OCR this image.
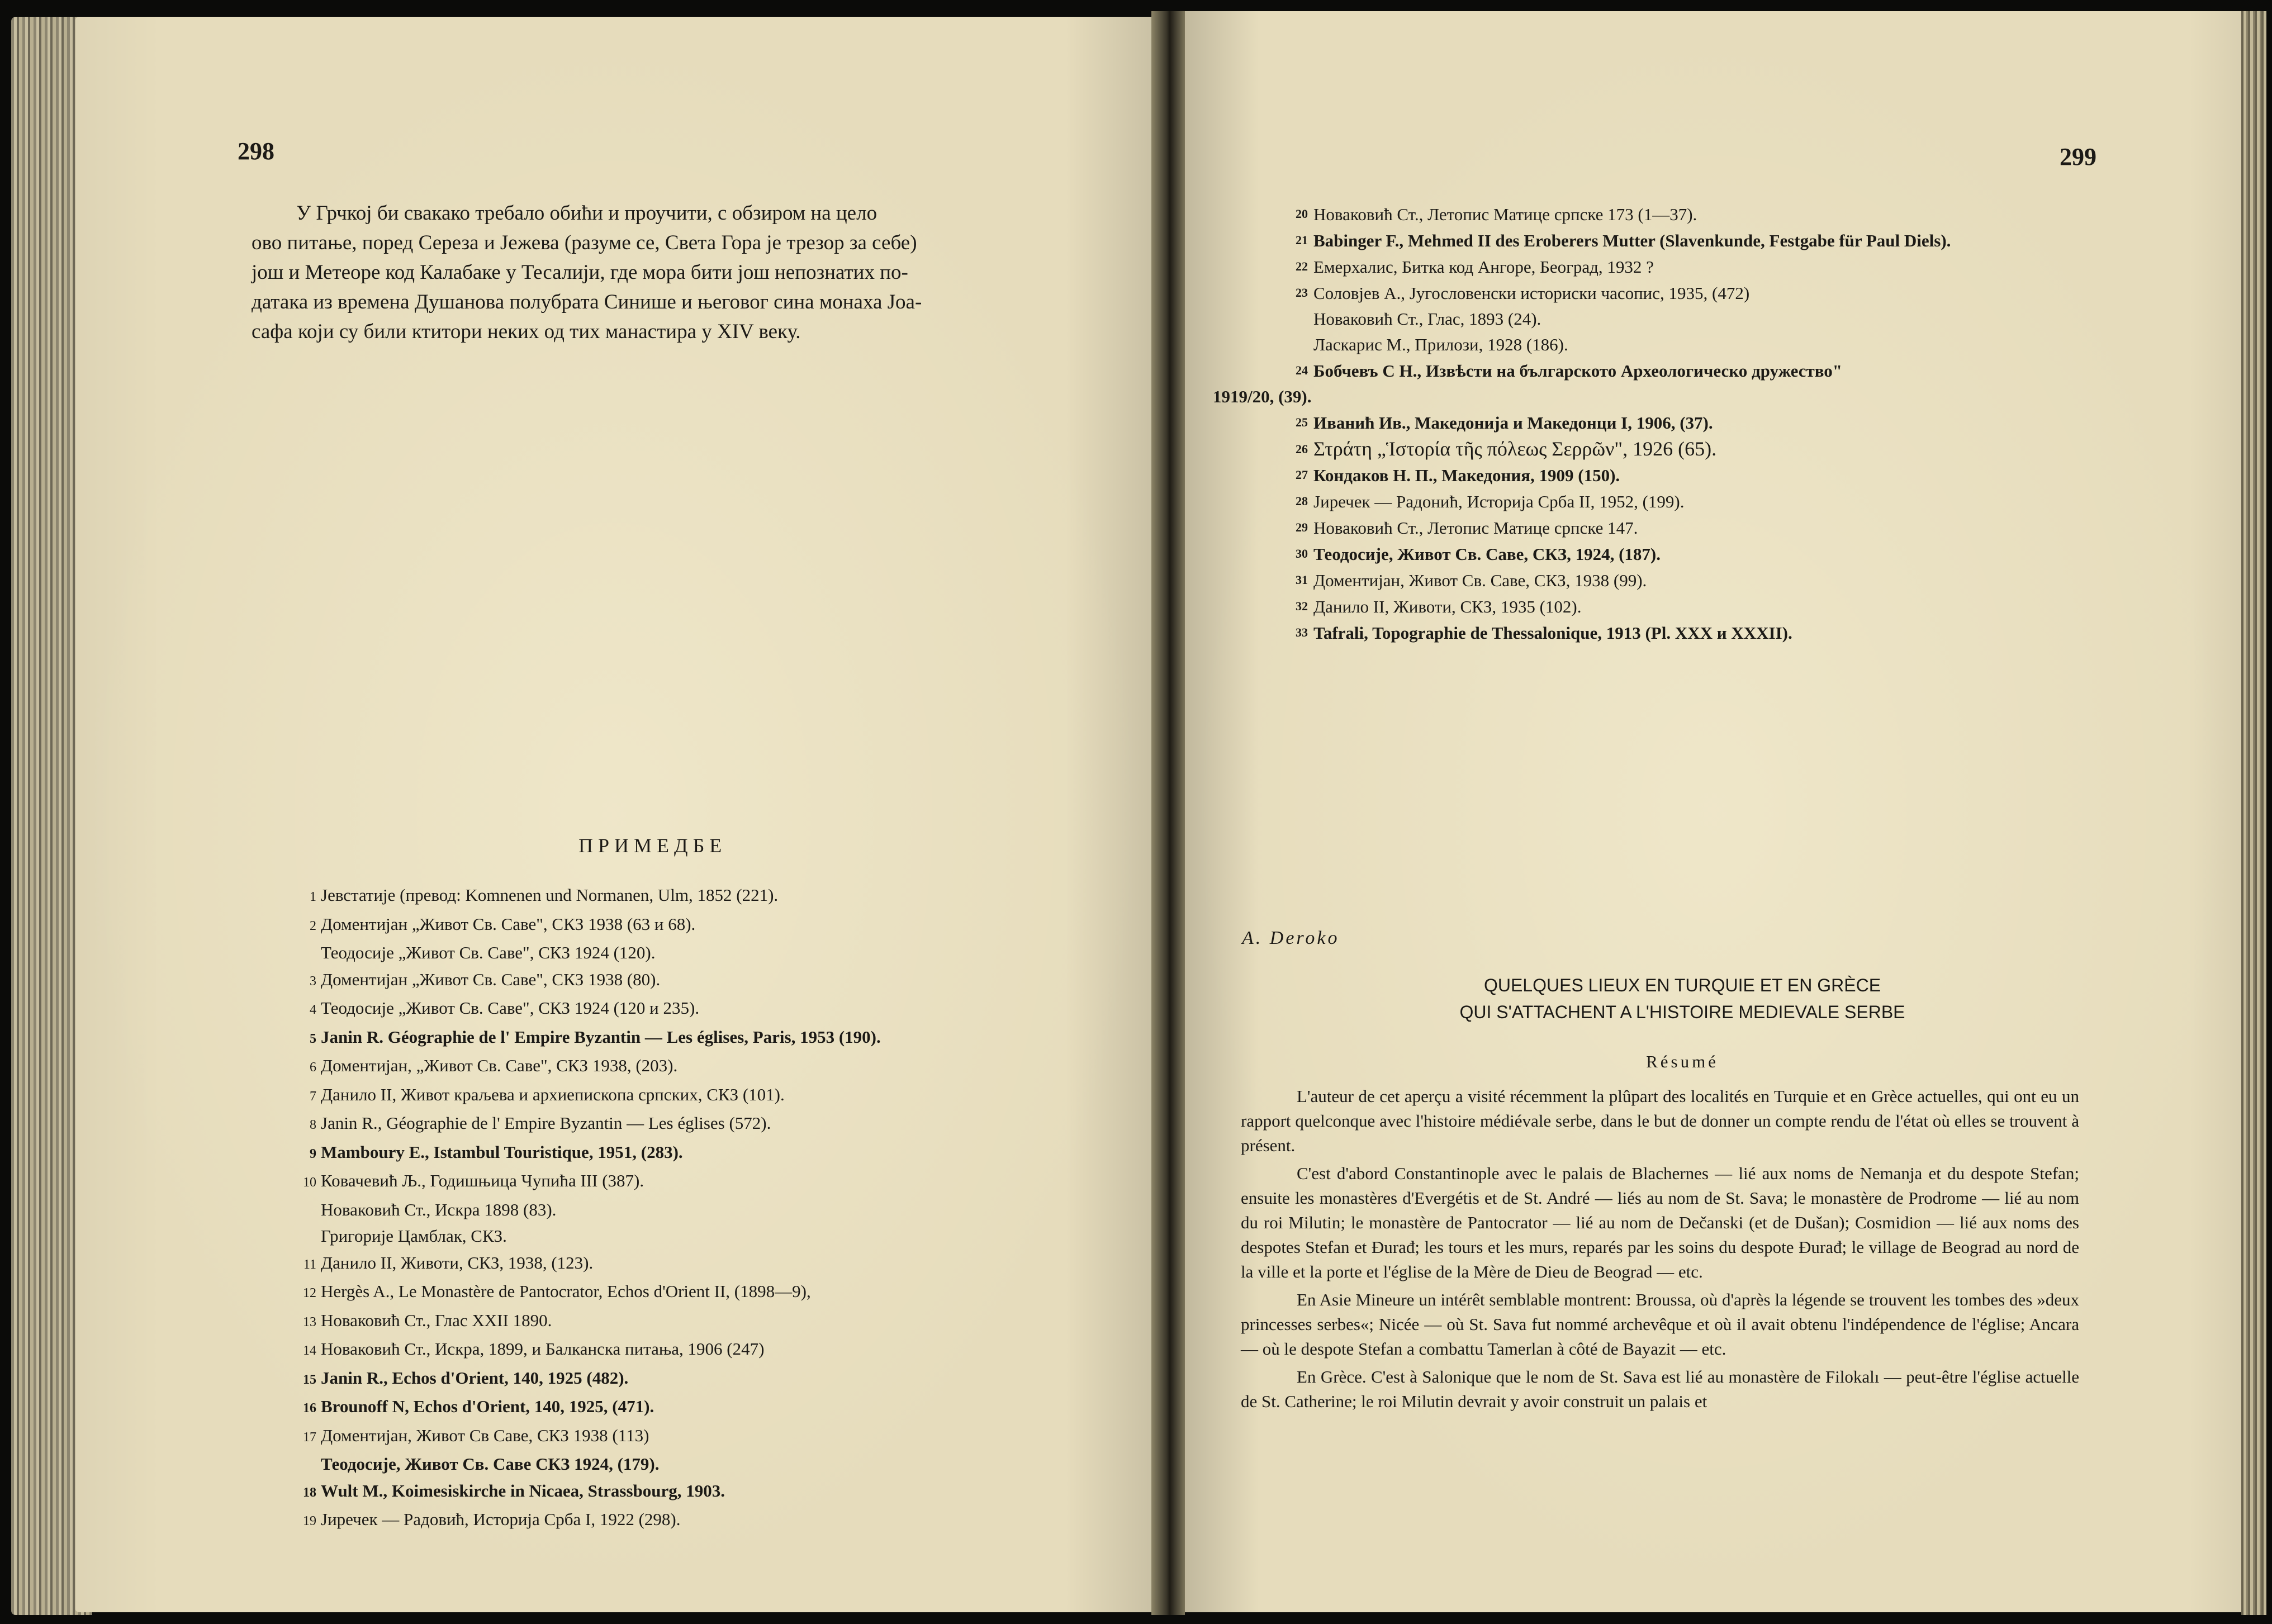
298
У Грчкој би свакако требало обићи и проучити, с обзиром на цело
ово питање, поред Сереза и Јежева (разуме се, Света Гора је трезор за себе)
још и Метеоре код Калабаке у Тесалији, где мора бити још непознатих по-
датака из времена Душанова полубрата Синише и његовог сина монаха Јоа-
сафа који су били ктитори неких од тих манастира у XIV веку.
ПРИМЕДБЕ
1 Јевстатије (превод: Komnenen und Normanen, Ulm, 1852 (221).
2 Доментијан „Живот Св. Саве", СКЗ 1938 (63 и 68).
Теодосије „Живот Св. Саве", СКЗ 1924 (120).
3 Доментијан „Живот Св. Саве", СКЗ 1938 (80).
4 Теодосије „Живот Св. Саве", СКЗ 1924 (120 и 235).
5 Janin R. Géographie de l' Empire Byzantin — Les églises, Paris, 1953 (190).
6 Доментијан, „Живот Св. Саве", СКЗ 1938, (203).
7 Данило II, Живот краљева и архиепископа српских, СКЗ (101).
8 Janin R., Géographie de l' Empire Byzantin — Les églises (572).
9 Mamboury E., Istambul Touristique, 1951, (283).
10 Ковачевић Љ., Годишњица Чупића III (387).
Новаковић Ст., Искра 1898 (83).
Григорије Цамблак, СКЗ.
11 Данило II, Животи, СКЗ, 1938, (123).
12 Hergès A., Le Monastère de Pantocrator, Echos d'Orient II, (1898—9),
13 Новаковић Ст., Глас XXII 1890.
14 Новаковић Ст., Искра, 1899, и Балканска питања, 1906 (247)
15 Janin R., Echos d'Orient, 140, 1925 (482).
16 Brounoff N, Echos d'Orient, 140, 1925, (471).
17 Доментијан, Живот Св Саве, СКЗ 1938 (113)
Теодосије, Живот Св. Саве СКЗ 1924, (179).
18 Wult M., Koimesiskirche in Nicaea, Strassbourg, 1903.
19 Јиречек — Радовић, Историја Срба I, 1922 (298).
299
20 Новаковић Ст., Летопис Матице српске 173 (1—37).
21 Babinger F., Mehmed II des Eroberers Mutter (Slavenkunde, Festgabe für Paul Diels).
22 Емерхалис, Битка код Ангоре, Београд, 1932 ?
23 Соловјев А., Југословенски историски часопис, 1935, (472)
Новаковић Ст., Глас, 1893 (24).
Ласкарис М., Прилози, 1928 (186).
24 Бобчевъ С Н., Извѣсти на българското Археологическо дружество"
1919/20, (39).
25 Иванић Ив., Македонија и Македонци I, 1906, (37).
26 Στράτη „Ἱστορία τῆς πόλεως Σερρῶν", 1926 (65).
27 Кондаков Н. П., Македония, 1909 (150).
28 Јиречек — Радонић, Историја Срба II, 1952, (199).
29 Новаковић Ст., Летопис Матице српске 147.
30 Теодосије, Живот Св. Саве, СКЗ, 1924, (187).
31 Доментијан, Живот Св. Саве, СКЗ, 1938 (99).
32 Данило II, Животи, СКЗ, 1935 (102).
33 Tafrali, Topographie de Thessalonique, 1913 (Pl. XXX и XXXII).
A. Deroko
QUELQUES LIEUX EN TURQUIE ET EN GRÈCE
QUI S'ATTACHENT A L'HISTOIRE MEDIEVALE SERBE
Résumé

L'auteur de cet aperçu a visité récemment la plûpart des localités en Turquie et en Grèce actuelles, qui ont eu un rapport quelconque avec l'histoire médiévale serbe, dans le but de donner un compte rendu de l'état où elles se trouvent à présent.

C'est d'abord Constantinople avec le palais de Blachernes — lié aux noms de Nemanja et du despote Stefan; ensuite les monastères d'Evergétis et de St. André — liés au nom de St. Sava; le monastère de Prodrome — lié au nom du roi Milutin; le monastère de Pantocrator — lié au nom de Dečanski (et de Dušan); Cosmidion — lié aux noms des despotes Stefan et Đurađ; les tours et les murs, reparés par les soins du despote Đurađ; le village de Beograd au nord de la ville et la porte et l'église de la Mère de Dieu de Beograd — etc.

En Asie Mineure un intérêt semblable montrent: Broussa, où d'après la légende se trouvent les tombes des »deux princesses serbes«; Nicée — où St. Sava fut nommé archevêque et où il avait obtenu l'indépendence de l'église; Ancara — où le despote Stefan a combattu Tamerlan à côté de Bayazit — etc.

En Grèce. C'est à Salonique que le nom de St. Sava est lié au monastère de Filokalı — peut-être l'église actuelle de St. Catherine; le roi Milutin devrait y avoir construit un palais et
